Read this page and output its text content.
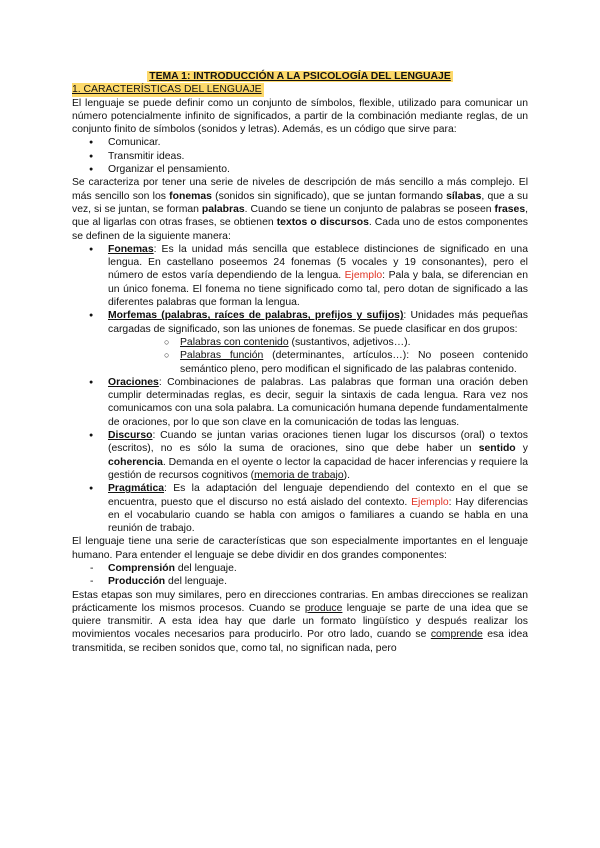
TEMA 1: INTRODUCCIÓN A LA PSICOLOGÍA DEL LENGUAJE
1. CARACTERÍSTICAS DEL LENGUAJE

El lenguaje se puede definir como un conjunto de símbolos, flexible, utilizado para comunicar un número potencialmente infinito de significados, a partir de la combinación mediante reglas, de un conjunto finito de símbolos (sonidos y letras). Además, es un código que sirve para:

● Comunicar.
● Transmitir ideas.
● Organizar el pensamiento.

Se caracteriza por tener una serie de niveles de descripción de más sencillo a más complejo. El más sencillo son los fonemas (sonidos sin significado), que se juntan formando sílabas, que a su vez, si se juntan, se forman palabras. Cuando se tiene un conjunto de palabras se poseen frases, que al ligarlas con otras frases, se obtienen textos o discursos. Cada uno de estos componentes se definen de la siguiente manera:

● Fonemas: Es la unidad más sencilla que establece distinciones de significado en una lengua. En castellano poseemos 24 fonemas (5 vocales y 19 consonantes), pero el número de estos varía dependiendo de la lengua. Ejemplo: Pala y bala, se diferencian en un único fonema. El fonema no tiene significado como tal, pero dotan de significado a las diferentes palabras que forman la lengua.
● Morfemas (palabras, raíces de palabras, prefijos y sufijos): Unidades más pequeñas cargadas de significado, son las uniones de fonemas. Se puede clasificar en dos grupos:
○ Palabras con contenido (sustantivos, adjetivos…).
○ Palabras función (determinantes, artículos…): No poseen contenido semántico pleno, pero modifican el significado de las palabras contenido.
● Oraciones: Combinaciones de palabras. Las palabras que forman una oración deben cumplir determinadas reglas, es decir, seguir la sintaxis de cada lengua. Rara vez nos comunicamos con una sola palabra. La comunicación humana depende fundamentalmente de oraciones, por lo que son clave en la comunicación de todas las lenguas.
● Discurso: Cuando se juntan varias oraciones tienen lugar los discursos (oral) o textos (escritos), no es sólo la suma de oraciones, sino que debe haber un sentido y coherencia. Demanda en el oyente o lector la capacidad de hacer inferencias y requiere la gestión de recursos cognitivos (memoria de trabajo).
● Pragmática: Es la adaptación del lenguaje dependiendo del contexto en el que se encuentra, puesto que el discurso no está aislado del contexto. Ejemplo: Hay diferencias en el vocabulario cuando se habla con amigos o familiares a cuando se habla en una reunión de trabajo.

El lenguaje tiene una serie de características que son especialmente importantes en el lenguaje humano. Para entender el lenguaje se debe dividir en dos grandes componentes:

- Comprensión del lenguaje.
- Producción del lenguaje.

Estas etapas son muy similares, pero en direcciones contrarias. En ambas direcciones se realizan prácticamente los mismos procesos. Cuando se produce lenguaje se parte de una idea que se quiere transmitir. A esta idea hay que darle un formato lingüístico y después realizar los movimientos vocales necesarios para producirlo. Por otro lado, cuando se comprende esa idea transmitida, se reciben sonidos que, como tal, no significan nada, pero
